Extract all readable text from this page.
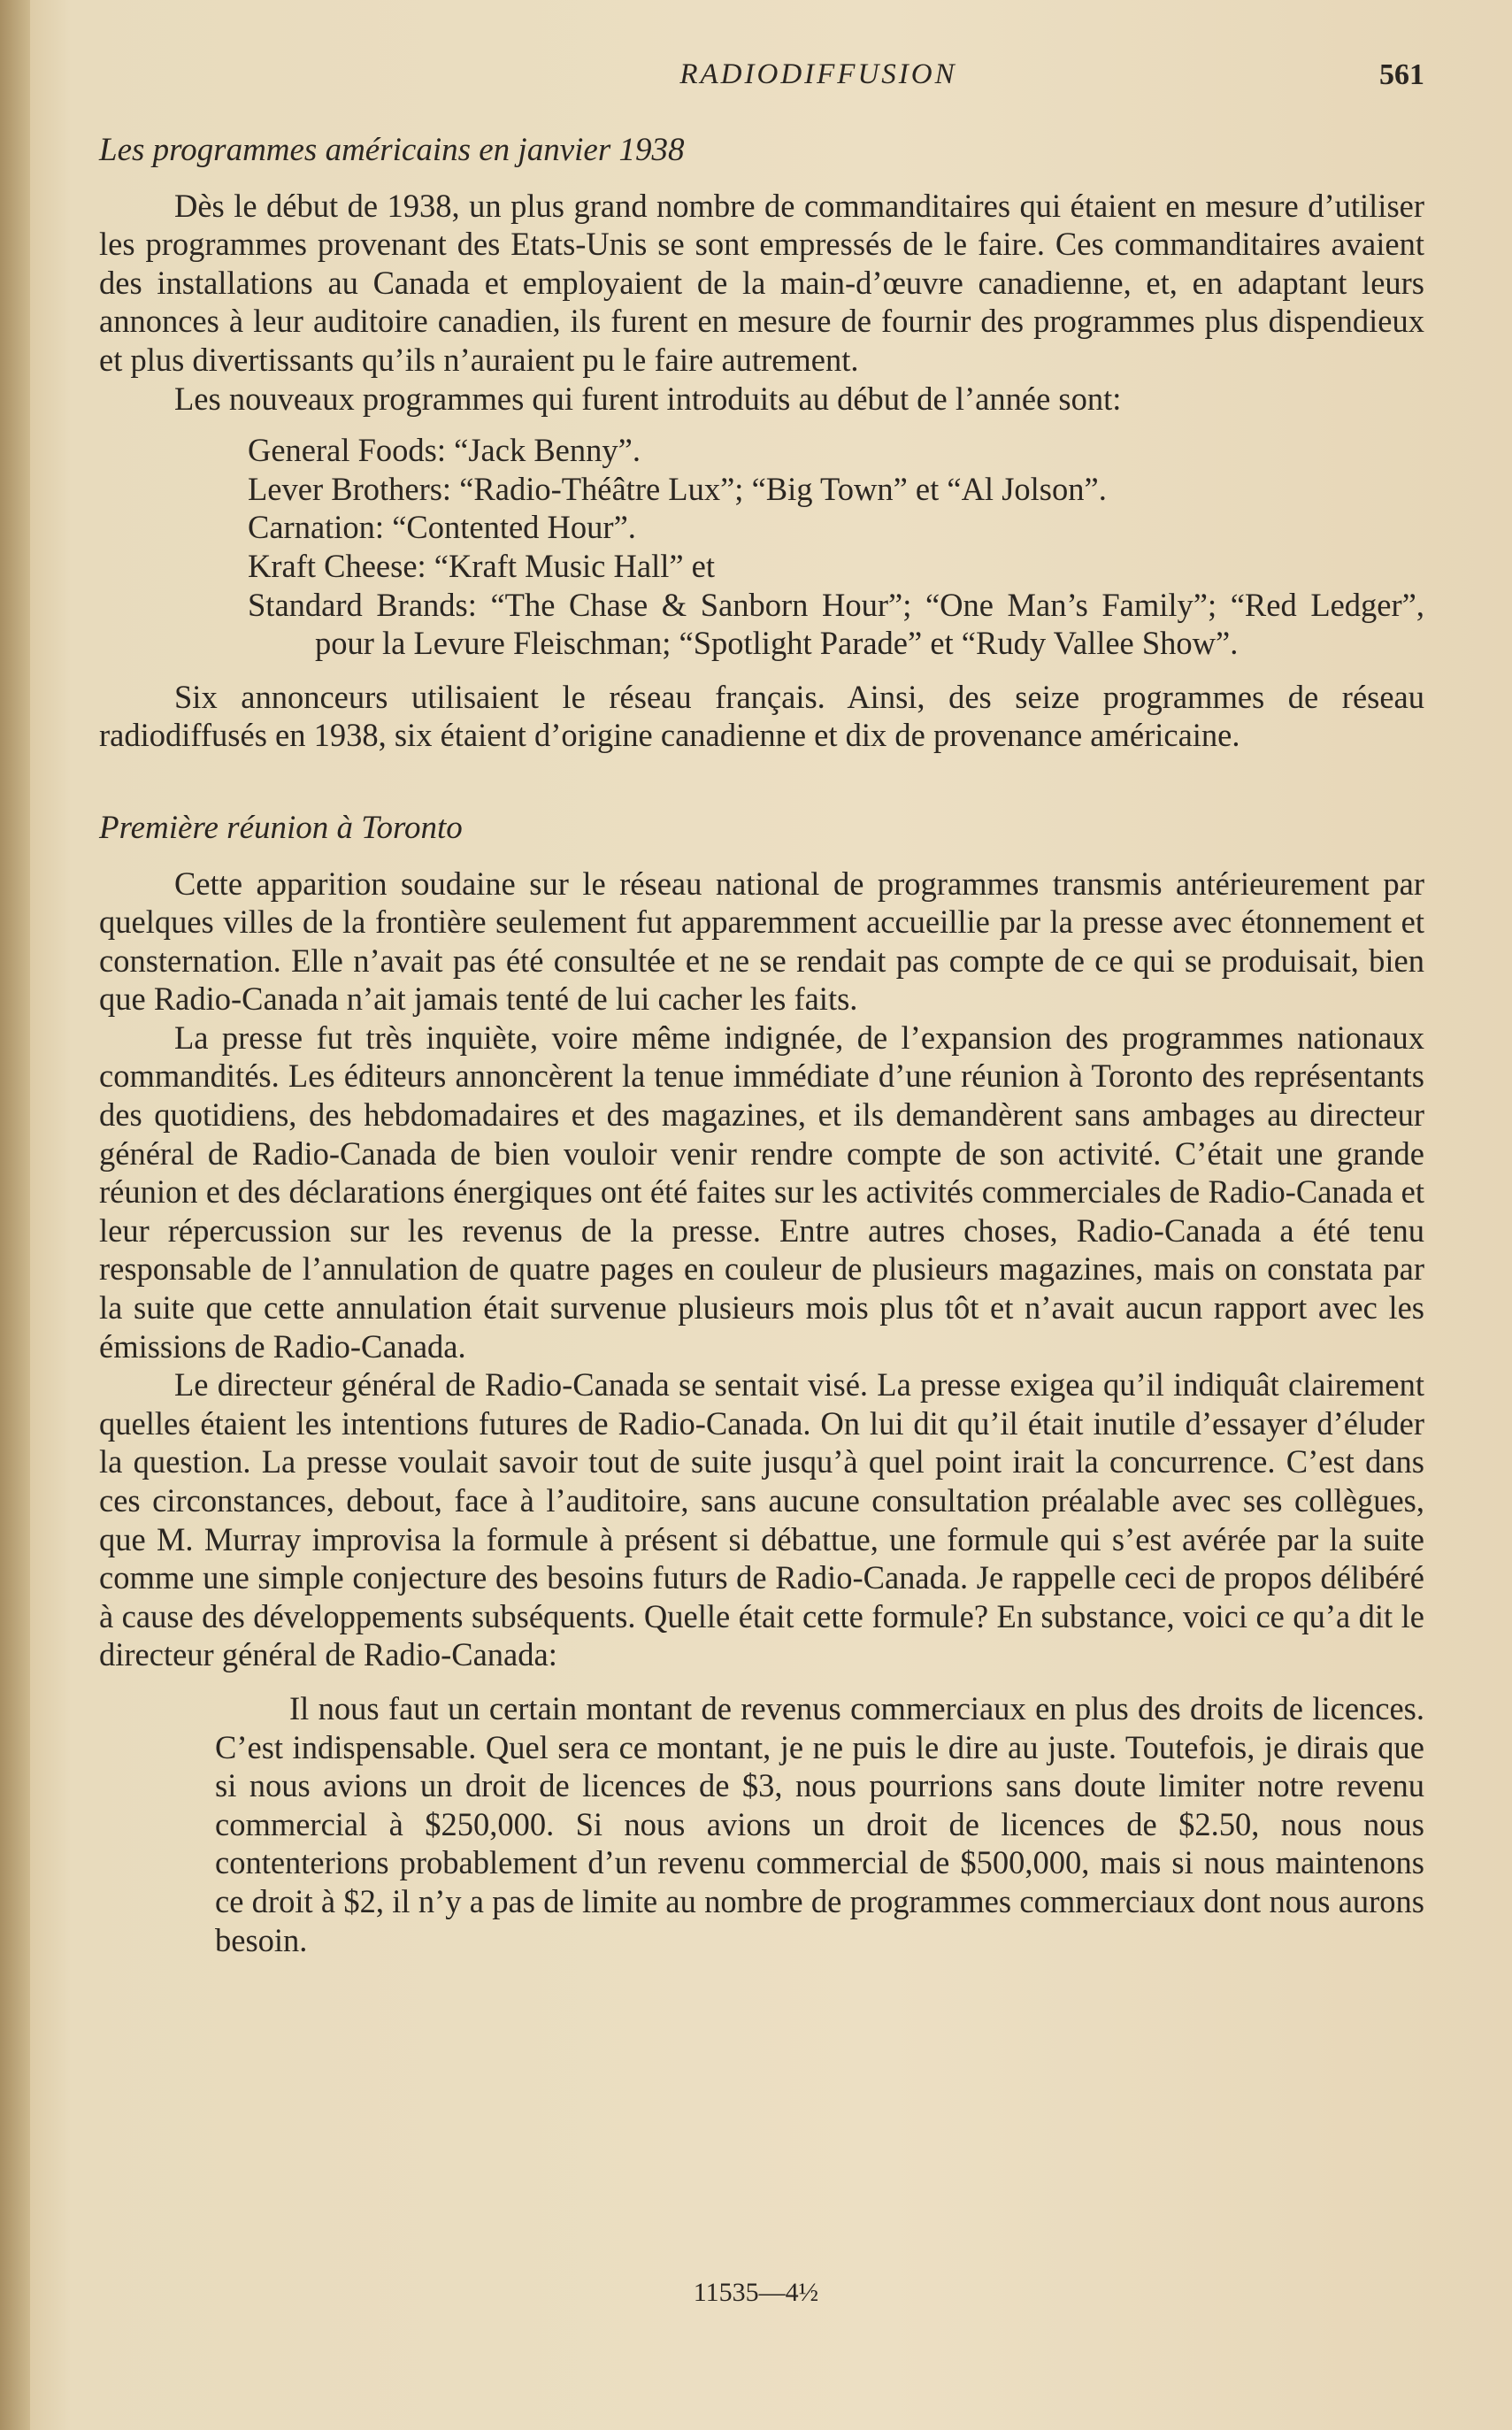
RADIODIFFUSION	561
Les programmes américains en janvier 1938

Dès le début de 1938, un plus grand nombre de commanditaires qui étaient en mesure d’utiliser les programmes provenant des Etats-Unis se sont empressés de le faire. Ces commanditaires avaient des installations au Canada et employaient de la main-d’œuvre canadienne, et, en adaptant leurs annonces à leur auditoire canadien, ils furent en mesure de fournir des programmes plus dispendieux et plus divertissants qu’ils n’auraient pu le faire autrement.

Les nouveaux programmes qui furent introduits au début de l’année sont:

General Foods: “Jack Benny”.
Lever Brothers: “Radio-Théâtre Lux”; “Big Town” et “Al Jolson”.
Carnation: “Contented Hour”.
Kraft Cheese: “Kraft Music Hall” et
Standard Brands: “The Chase & Sanborn Hour”; “One Man’s Family”; “Red Ledger”, pour la Levure Fleischman; “Spotlight Parade” et “Rudy Vallee Show”.

Six annonceurs utilisaient le réseau français. Ainsi, des seize programmes de réseau radiodiffusés en 1938, six étaient d’origine canadienne et dix de provenance américaine.

Première réunion à Toronto

Cette apparition soudaine sur le réseau national de programmes transmis antérieurement par quelques villes de la frontière seulement fut apparemment accueillie par la presse avec étonnement et consternation. Elle n’avait pas été consultée et ne se rendait pas compte de ce qui se produisait, bien que Radio-Canada n’ait jamais tenté de lui cacher les faits.

La presse fut très inquiète, voire même indignée, de l’expansion des programmes nationaux commandités. Les éditeurs annoncèrent la tenue immédiate d’une réunion à Toronto des représentants des quotidiens, des hebdomadaires et des magazines, et ils demandèrent sans ambages au directeur général de Radio-Canada de bien vouloir venir rendre compte de son activité. C’était une grande réunion et des déclarations énergiques ont été faites sur les activités commerciales de Radio-Canada et leur répercussion sur les revenus de la presse. Entre autres choses, Radio-Canada a été tenu responsable de l’annulation de quatre pages en couleur de plusieurs magazines, mais on constata par la suite que cette annulation était survenue plusieurs mois plus tôt et n’avait aucun rapport avec les émissions de Radio-Canada.

Le directeur général de Radio-Canada se sentait visé. La presse exigea qu’il indiquât clairement quelles étaient les intentions futures de Radio-Canada. On lui dit qu’il était inutile d’essayer d’éluder la question. La presse voulait savoir tout de suite jusqu’à quel point irait la concurrence. C’est dans ces circonstances, debout, face à l’auditoire, sans aucune consultation préalable avec ses collègues, que M. Murray improvisa la formule à présent si débattue, une formule qui s’est avérée par la suite comme une simple conjecture des besoins futurs de Radio-Canada. Je rappelle ceci de propos délibéré à cause des développements subséquents. Quelle était cette formule? En substance, voici ce qu’a dit le directeur général de Radio-Canada:

Il nous faut un certain montant de revenus commerciaux en plus des droits de licences. C’est indispensable. Quel sera ce montant, je ne puis le dire au juste. Toutefois, je dirais que si nous avions un droit de licences de $3, nous pourrions sans doute limiter notre revenu commercial à $250,000. Si nous avions un droit de licences de $2.50, nous nous contenterions probablement d’un revenu commercial de $500,000, mais si nous maintenons ce droit à $2, il n’y a pas de limite au nombre de programmes commerciaux dont nous aurons besoin.

11535—4½
